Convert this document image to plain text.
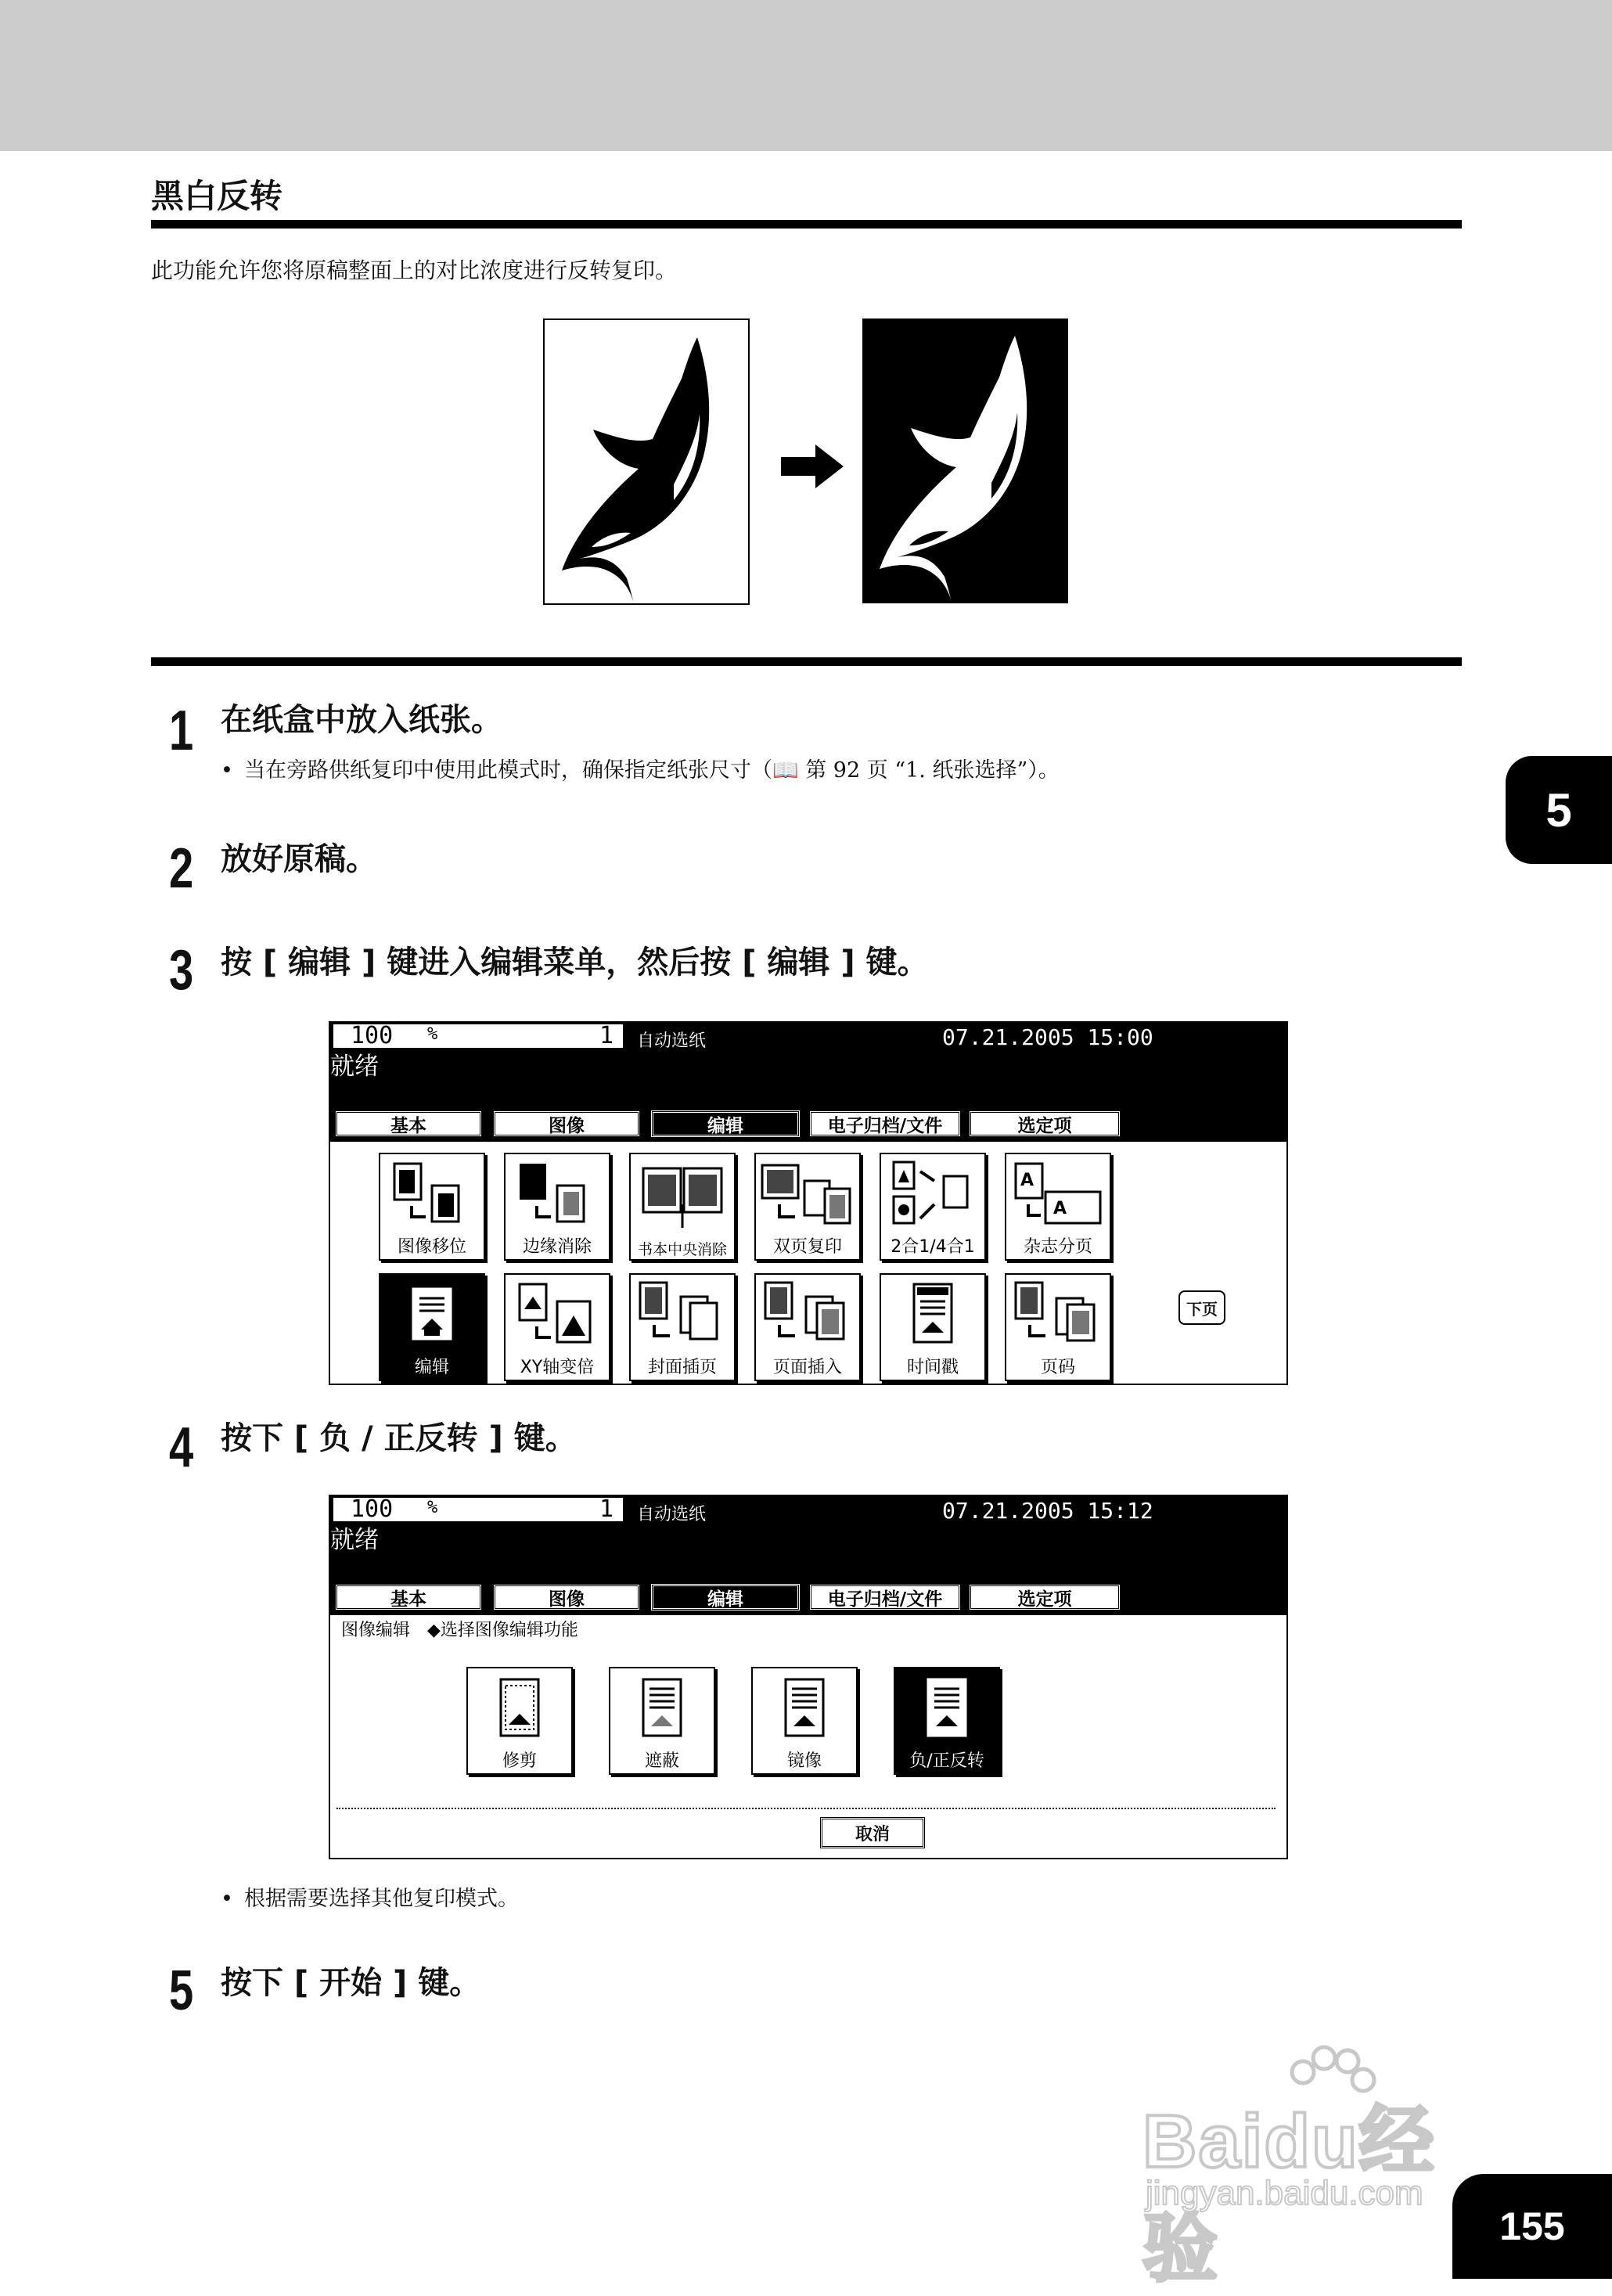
黑白反转
此功能允许您将原稿整面上的对比浓度进行反转复印。
1 在纸盒中放入纸张。
• 当在旁路供纸复印中使用此模式时，确保指定纸张尺寸（📖 第 92 页 “1. 纸张选择”）。
2 放好原稿。
3 按 [ 编辑 ] 键进入编辑菜单，然后按 [ 编辑 ] 键。
100 %	1 自动选纸	07.21.2005 15:00
就绪
基本	图像	编辑	电子归档/文件	选定项
图像移位	边缘消除	书本中央消除	双页复印	2合1/4合1
A
A
杂志分页
编辑	XY轴变倍	封面插页	页面插入	时间戳	页码
下页
4 按下 [ 负 / 正反转 ] 键。
100 %	1 自动选纸	07.21.2005 15:12
就绪
基本	图像	编辑	电子归档/文件	选定项
图像编辑　◆选择图像编辑功能
修剪	遮蔽	镜像	负/正反转
取消
• 根据需要选择其他复印模式。
5 按下 [ 开始 ] 键。
5
155
Baidu经验
jingyan.baidu.com
